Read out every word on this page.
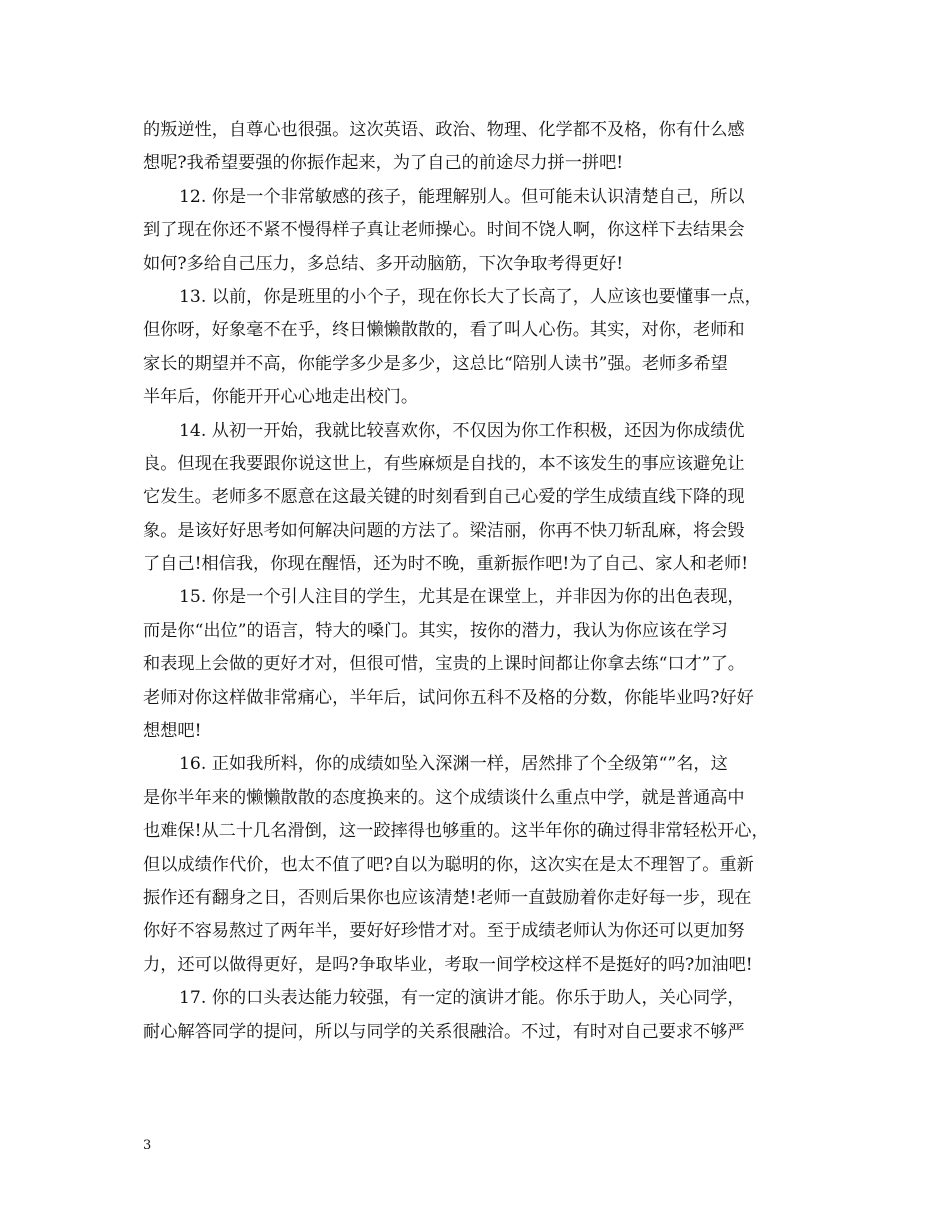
的叛逆性，自尊心也很强。这次英语、政治、物理、化学都不及格，你有什么感
想呢?我希望要强的你振作起来，为了自己的前途尽力拼一拼吧!
12. 你是一个非常敏感的孩子，能理解别人。但可能未认识清楚自己，所以
到了现在你还不紧不慢得样子真让老师操心。时间不饶人啊，你这样下去结果会
如何?多给自己压力，多总结、多开动脑筋，下次争取考得更好!
13. 以前，你是班里的小个子，现在你长大了长高了，人应该也要懂事一点，
但你呀，好象毫不在乎，终日懒懒散散的，看了叫人心伤。其实，对你，老师和
家长的期望并不高，你能学多少是多少，这总比“陪别人读书”强。老师多希望
半年后，你能开开心心地走出校门。
14. 从初一开始，我就比较喜欢你，不仅因为你工作积极，还因为你成绩优
良。但现在我要跟你说这世上，有些麻烦是自找的，本不该发生的事应该避免让
它发生。老师多不愿意在这最关键的时刻看到自己心爱的学生成绩直线下降的现
象。是该好好思考如何解决问题的方法了。梁洁丽，你再不快刀斩乱麻，将会毁
了自己!相信我，你现在醒悟，还为时不晚，重新振作吧!为了自己、家人和老师!
15. 你是一个引人注目的学生，尤其是在课堂上，并非因为你的出色表现，
而是你“出位”的语言，特大的嗓门。其实，按你的潜力，我认为你应该在学习
和表现上会做的更好才对，但很可惜，宝贵的上课时间都让你拿去练“口才”了。
老师对你这样做非常痛心，半年后，试问你五科不及格的分数，你能毕业吗?好好
想想吧!
16. 正如我所料，你的成绩如坠入深渊一样，居然排了个全级第“”名，这
是你半年来的懒懒散散的态度换来的。这个成绩谈什么重点中学，就是普通高中
也难保!从二十几名滑倒，这一跤摔得也够重的。这半年你的确过得非常轻松开心，
但以成绩作代价，也太不值了吧?自以为聪明的你，这次实在是太不理智了。重新
振作还有翻身之日，否则后果你也应该清楚!老师一直鼓励着你走好每一步，现在
你好不容易熬过了两年半，要好好珍惜才对。至于成绩老师认为你还可以更加努
力，还可以做得更好，是吗?争取毕业，考取一间学校这样不是挺好的吗?加油吧!
17. 你的口头表达能力较强，有一定的演讲才能。你乐于助人，关心同学，
耐心解答同学的提问，所以与同学的关系很融洽。不过，有时对自己要求不够严
3
